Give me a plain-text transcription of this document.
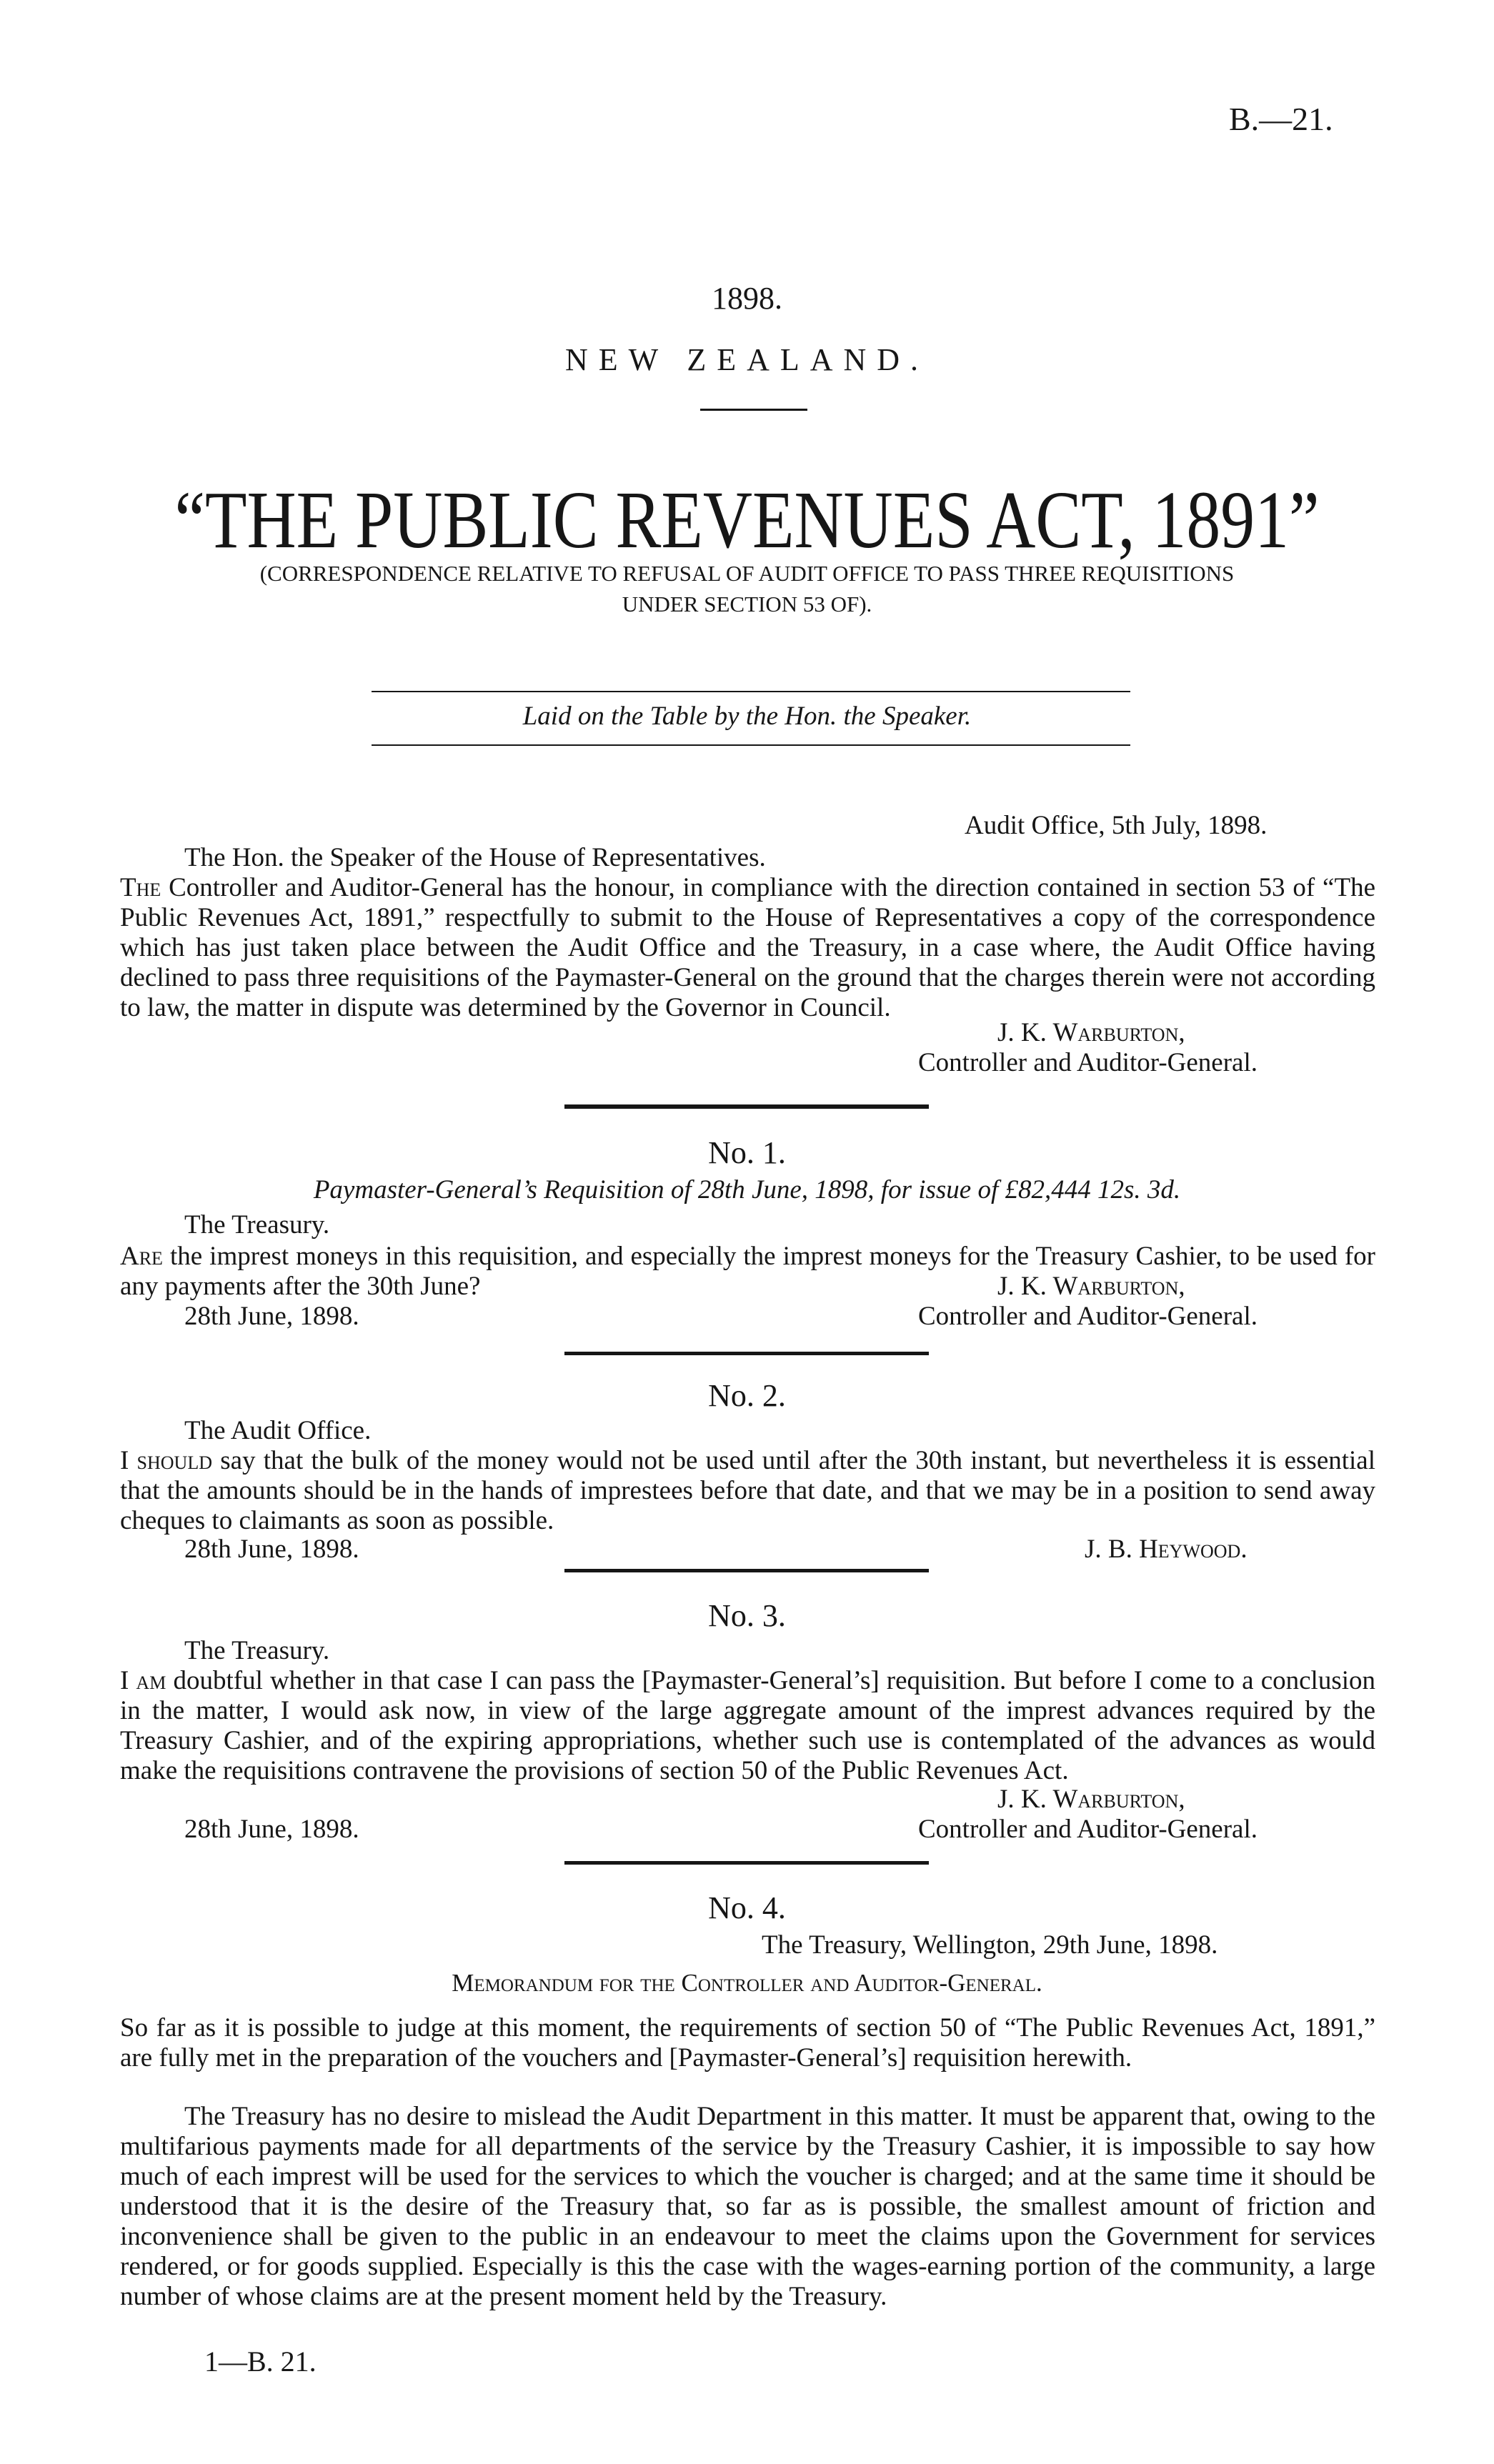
B.—21.
1898.
NEW ZEALAND.
“THE PUBLIC REVENUES ACT, 1891”
(CORRESPONDENCE RELATIVE TO REFUSAL OF AUDIT OFFICE TO PASS THREE REQUISITIONS
UNDER SECTION 53 OF).
Laid on the Table by the Hon. the Speaker.
Audit Office, 5th July, 1898.
The Hon. the Speaker of the House of Representatives.
The Controller and Auditor-General has the honour, in compliance with the direction contained in section 53 of “The Public Revenues Act, 1891,” respectfully to submit to the House of Representatives a copy of the correspondence which has just taken place between the Audit Office and the Treasury, in a case where, the Audit Office having declined to pass three requisitions of the Paymaster-General on the ground that the charges therein were not according to law, the matter in dispute was determined by the Governor in Council.
J. K. Warburton,
Controller and Auditor-General.
No. 1.
Paymaster-General’s Requisition of 28th June, 1898, for issue of £82,444 12s. 3d.
The Treasury.
Are the imprest moneys in this requisition, and especially the imprest moneys for the Treasury Cashier, to be used for any payments after the 30th June?	J. K. Warburton,
28th June, 1898.	Controller and Auditor-General.
No. 2.
The Audit Office.
I should say that the bulk of the money would not be used until after the 30th instant, but nevertheless it is essential that the amounts should be in the hands of imprestees before that date, and that we may be in a position to send away cheques to claimants as soon as possible.
28th June, 1898.	J. B. Heywood.
No. 3.
The Treasury.
I am doubtful whether in that case I can pass the [Paymaster-General’s] requisition. But before I come to a conclusion in the matter, I would ask now, in view of the large aggregate amount of the imprest advances required by the Treasury Cashier, and of the expiring appropriations, whether such use is contemplated of the advances as would make the requisitions contravene the provisions of section 50 of the Public Revenues Act.
J. K. Warburton,
28th June, 1898.	Controller and Auditor-General.
No. 4.
The Treasury, Wellington, 29th June, 1898.
Memorandum for the Controller and Auditor-General.
So far as it is possible to judge at this moment, the requirements of section 50 of “The Public Revenues Act, 1891,” are fully met in the preparation of the vouchers and [Paymaster-General’s] requisition herewith.
The Treasury has no desire to mislead the Audit Department in this matter. It must be apparent that, owing to the multifarious payments made for all departments of the service by the Treasury Cashier, it is impossible to say how much of each imprest will be used for the services to which the voucher is charged; and at the same time it should be understood that it is the desire of the Treasury that, so far as is possible, the smallest amount of friction and inconvenience shall be given to the public in an endeavour to meet the claims upon the Government for services rendered, or for goods supplied. Especially is this the case with the wages-earning portion of the community, a large number of whose claims are at the present moment held by the Treasury.
1—B. 21.
